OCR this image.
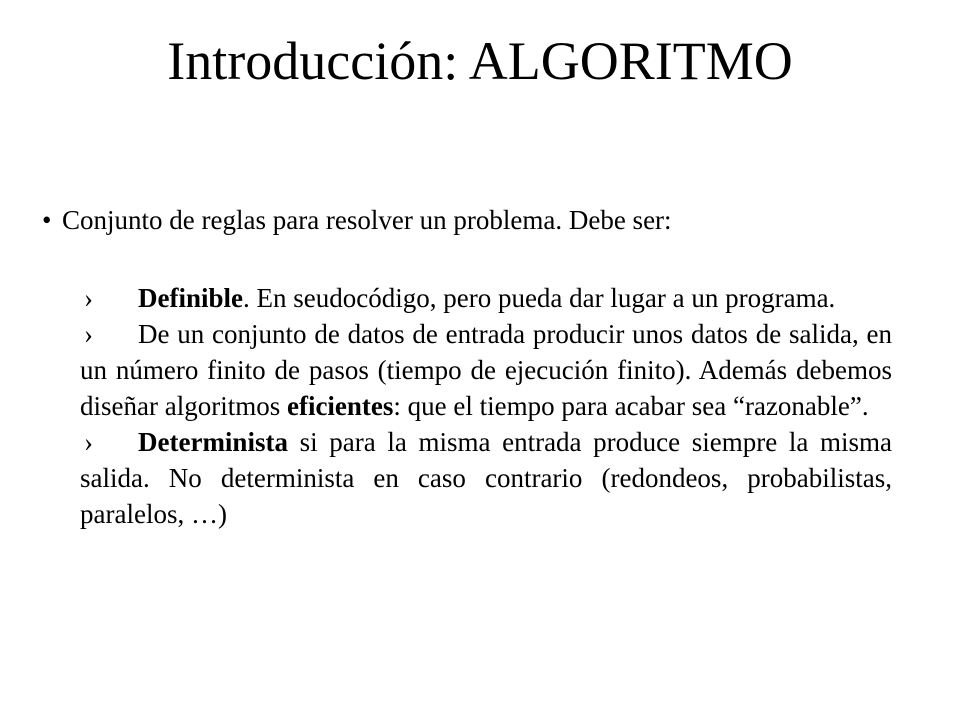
Introducción: ALGORITMO
• Conjunto de reglas para resolver un problema. Debe ser:

› Definible. En seudocódigo, pero pueda dar lugar a un programa.

› De un conjunto de datos de entrada producir unos datos de salida, en un número finito de pasos (tiempo de ejecución finito). Además debemos diseñar algoritmos eficientes: que el tiempo para acabar sea “razonable”.

› Determinista si para la misma entrada produce siempre la misma salida. No determinista en caso contrario (redondeos, probabilistas, paralelos, …)
